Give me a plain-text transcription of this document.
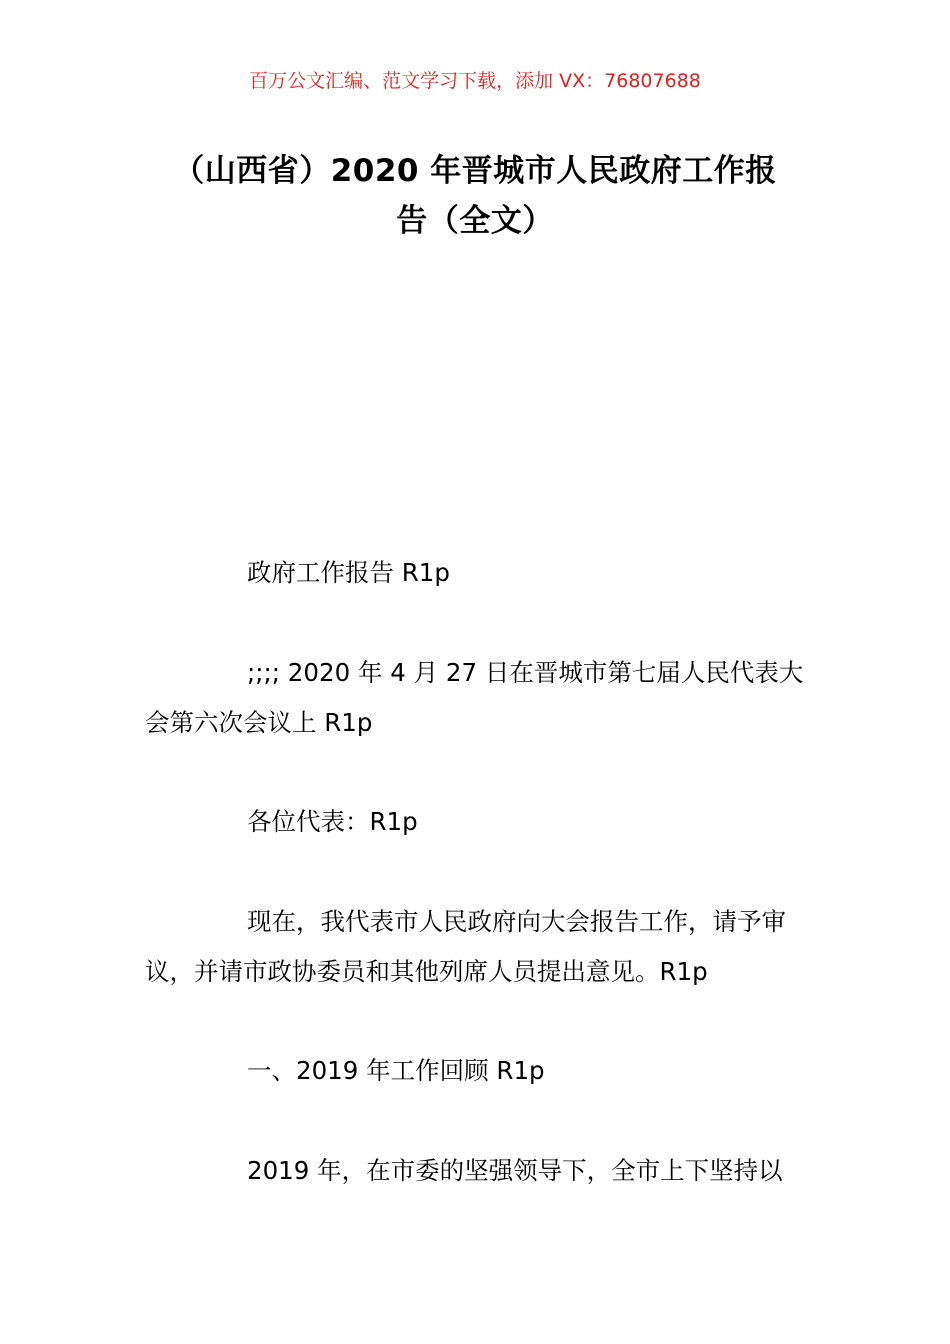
百万公文汇编、范文学习下载，添加 VX：76807688
（山西省）2020 年晋城市人民政府工作报
告（全文）

政府工作报告 R1p

;;;; 2020 年 4 月 27 日在晋城市第七届人民代表大会第六次会议上 R1p

各位代表：R1p

现在，我代表市人民政府向大会报告工作，请予审议，并请市政协委员和其他列席人员提出意见。R1p

一、2019 年工作回顾 R1p

2019 年，在市委的坚强领导下，全市上下坚持以
